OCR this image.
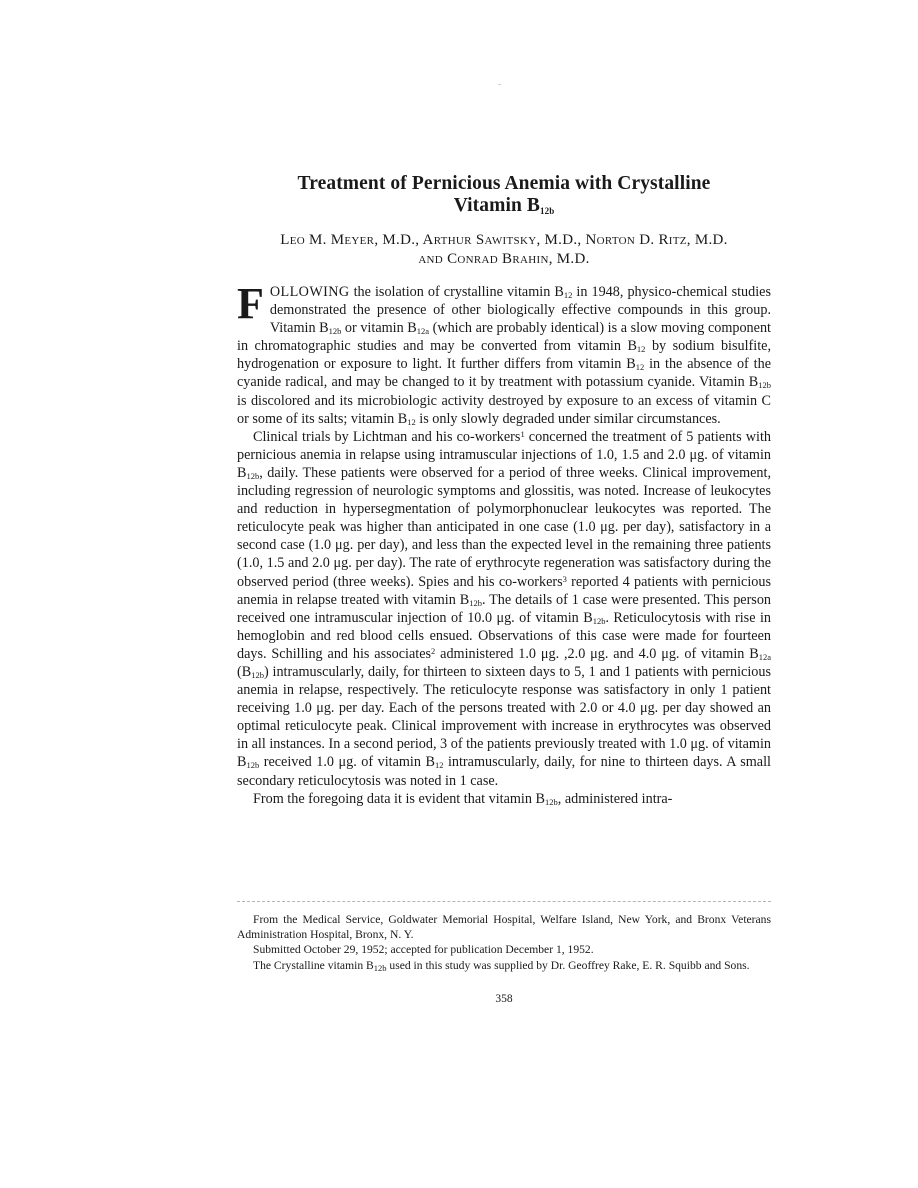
Treatment of Pernicious Anemia with Crystalline
Vitamin $B_{12b}$
Leo M. Meyer, M.D., Arthur Sawitsky, M.D., Norton D. Ritz, M.D.
and Conrad Brahin, M.D.

FOLLOWING the isolation of crystalline vitamin $B_{12}$ in 1948, physico-chemical studies demonstrated the presence of other biologically effective compounds in this group. Vitamin $B_{12b}$ or vitamin $B_{12a}$ (which are probably identical) is a slow moving component in chromatographic studies and may be converted from vitamin $B_{12}$ by sodium bisulfite, hydrogenation or exposure to light. It further differs from vitamin $B_{12}$ in the absence of the cyanide radical, and may be changed to it by treatment with potassium cyanide. Vitamin $B_{12b}$ is discolored and its microbiologic activity destroyed by exposure to an excess of vitamin C or some of its salts; vitamin $B_{12}$ is only slowly degraded under similar circumstances.

Clinical trials by Lichtman and his co-workers$^1$ concerned the treatment of 5 patients with pernicious anemia in relapse using intramuscular injections of 1.0, 1.5 and 2.0 μg. of vitamin $B_{12b}$, daily. These patients were observed for a period of three weeks. Clinical improvement, including regression of neurologic symptoms and glossitis, was noted. Increase of leukocytes and reduction in hypersegmentation of polymorphonuclear leukocytes was reported. The reticulocyte peak was higher than anticipated in one case (1.0 μg. per day), satisfactory in a second case (1.0 μg. per day), and less than the expected level in the remaining three patients (1.0, 1.5 and 2.0 μg. per day). The rate of erythrocyte regeneration was satisfactory during the observed period (three weeks). Spies and his co-workers$^3$ reported 4 patients with pernicious anemia in relapse treated with vitamin $B_{12b}$. The details of 1 case were presented. This person received one intramuscular injection of 10.0 μg. of vitamin $B_{12b}$. Reticulocytosis with rise in hemoglobin and red blood cells ensued. Observations of this case were made for fourteen days. Schilling and his associates$^2$ administered 1.0 μg. ,2.0 μg. and 4.0 μg. of vitamin $B_{12a}$ $(B_{12b})$ intramuscularly, daily, for thirteen to sixteen days to 5, 1 and 1 patients with pernicious anemia in relapse, respectively. The reticulocyte response was satisfactory in only 1 patient receiving 1.0 μg. per day. Each of the persons treated with 2.0 or 4.0 μg. per day showed an optimal reticulocyte peak. Clinical improvement with increase in erythrocytes was observed in all instances. In a second period, 3 of the patients previously treated with 1.0 μg. of vitamin $B_{12b}$ received 1.0 μg. of vitamin $B_{12}$ intramuscularly, daily, for nine to thirteen days. A small secondary reticulocytosis was noted in 1 case.

From the foregoing data it is evident that vitamin $B_{12b}$, administered intra-

From the Medical Service, Goldwater Memorial Hospital, Welfare Island, New York, and Bronx Veterans Administration Hospital, Bronx, N. Y.

Submitted October 29, 1952; accepted for publication December 1, 1952.

The Crystalline vitamin $B_{12b}$ used in this study was supplied by Dr. Geoffrey Rake, E. R. Squibb and Sons.

358
